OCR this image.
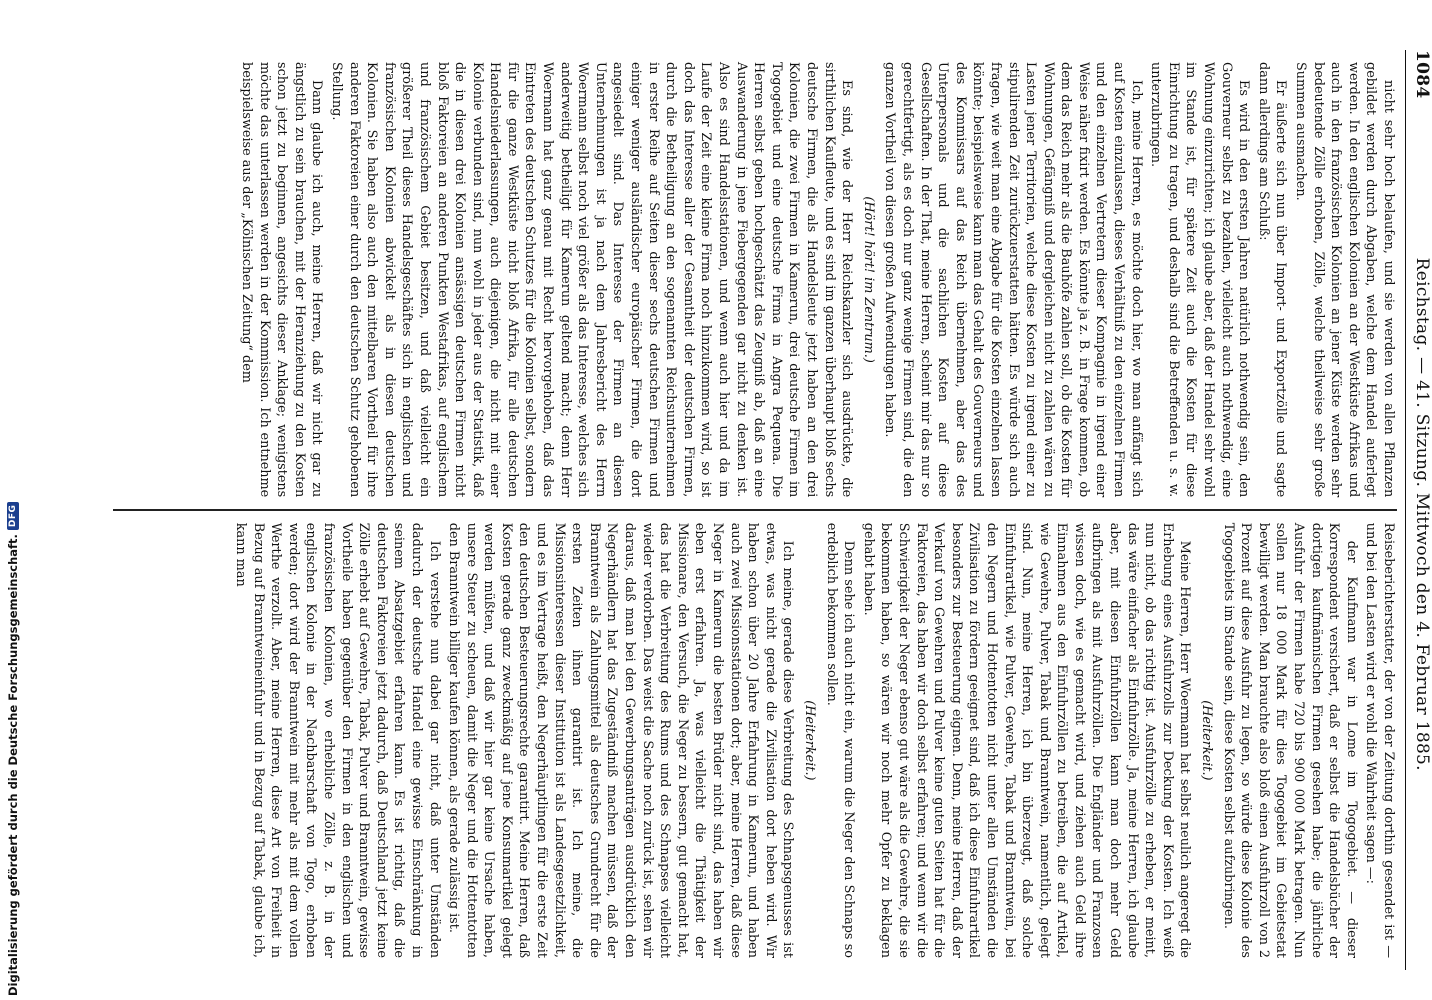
1084
Reichstag. — 41. Sitzung. Mittwoch den 4. Februar 1885.

nicht sehr hoch belaufen, und sie werden von allen Pflanzen gebildet werden durch Abgaben, welche dem Handel auferlegt werden. In den englischen Kolonien an der Westküste Afrikas und auch in den französischen Kolonien an jener Küste werden sehr bedeutende Zölle erhoben, Zölle, welche theilweise sehr große Summen ausmachen.

Er äußerte sich nun über Import- und Exportzölle und sagte dann allerdings am Schluß:

Es wird in den ersten Jahren natürlich nothwendig sein, den Gouverneur selbst zu bezahlen, vielleicht auch nothwendig, eine Wohnung einzurichten; ich glaube aber, daß der Handel sehr wohl im Stande ist, für spätere Zeit auch die Kosten für diese Einrichtung zu tragen, und deshalb sind die Betreffenden u. s. w. unterzubringen.

Ich, meine Herren, es möchte doch hier, wo man anfängt sich auf Kosten einzulassen, dieses Verhältniß zu den einzelnen Firmen und den einzelnen Vertretern dieser Kompagnie in irgend einer Weise näher fixirt werden. Es könnte ja z. B. in Frage kommen, ob dem das Reich mehr als die Bauhöfe zahlen soll, ob die Kosten für Wohnungen, Gefängniß und dergleichen nicht zu zahlen wären zu Lasten jener Territorien, welche diese Kosten zu irgend einer zu stipulirenden Zeit zurückzuerstatten hätten. Es würde sich auch fragen, wie weit man eine Abgabe für die Kosten einzelnen lassen könnte; beispielsweise kann man das Gehalt des Gouverneurs und des Kommissars auf das Reich übernehmen, aber das des Unterpersonals und die sachlichen Kosten auf diese Gesellschaften. In der That, meine Herren, scheint mir das nur so gerechtfertigt, als es doch nur ganz wenige Firmen sind, die den ganzen Vortheil von diesen großen Aufwendungen haben.

(Hört! hört! im Zentrum.)

Es sind, wie der Herr Reichskanzler sich ausdrückte, die sirthlichen Kaufleute, und es sind im ganzen überhaupt bloß sechs deutsche Firmen, die als Handelsleute jetzt haben an den drei Kolonien, die zwei Firmen in Kamerun, drei deutsche Firmen im Togogebiet und eine deutsche Firma in Angra Pequena. Die Herren selbst geben hochgeschätzt das Zeugniß ab, daß an eine Auswanderung in jene Fiebergegenden gar nicht zu denken ist. Also es sind Handelsstationen, und wenn auch hier und da im Laufe der Zeit eine kleine Firma noch hinzukommen wird, so ist doch das Interesse aller der Gesamtheit der deutschen Firmen, durch die Betheiligung an den sogenannten Reichsunternehmen in erster Reihe auf Seiten dieser sechs deutschen Firmen und einiger weniger ausländischer europäischer Firmen, die dort angesiedelt sind. Das Interesse der Firmen an diesen Unternehmungen ist ja nach dem Jahresbericht des Herrn Woermann selbst noch viel größer als das Interesse, welches sich anderweitig betheiligt für Kamerun geltend macht; denn Herr Woermann hat ganz genau mit Recht hervorgehoben, daß das Eintreten des deutschen Schutzes für die Kolonien selbst, sondern für die ganze Westküste nicht bloß Afrika, für alle deutschen Handelsniederlassungen, auch diejenigen, die nicht mit einer Kolonie verbunden sind, nun wohl in jeder aus der Statistik, daß die in diesen drei Kolonien ansässigen deutschen Firmen nicht bloß Faktoreien an anderen Punkten Westafrikas, auf englischem und französischem Gebiet besitzen, und daß vielleicht ein größerer Theil dieses Handelsgeschäftes sich in englischen und französischen Kolonien abwickelt als in diesen deutschen Kolonien. Sie haben also auch den mittelbaren Vortheil für ihre anderen Faktoreien einer durch den deutschen Schutz gehobenen Stellung.

Dann glaube ich auch, meine Herren, daß wir nicht gar zu ängstlich zu sein brauchen, mit der Heranziehung zu den Kosten schon jetzt zu beginnen, angesichts dieser Anklage; wenigstens möchte das unterlassen werden in der Kommission. Ich entnehme beispielsweise aus der „Kölnischen Zeitung“ dem

Reiseberichterstatter, der von der Zeitung dorthin gesendet ist — und bei den Lasten wird er wohl die Wahrheit sagen —:

der Kaufmann war in Lome im Togogebiet. — dieser Korrespondent versichert, daß er selbst die Handelsbücher der dortigen kaufmännischen Firmen gesehen habe; die jährliche Ausfuhr der Firmen habe 720 bis 900 000 Mark betragen. Nun sollen nur 18 000 Mark für dies Togogebiet im Gebietsetat bewilligt werden. Man brauchte also bloß einen Ausfuhrzoll von 2 Prozent auf diese Ausfuhr zu legen, so würde diese Kolonie des Togogebiets im Stande sein, diese Kosten selbst aufzubringen.

(Heiterkeit.)

Meine Herren, Herr Woermann hat selbst neulich angeregt die Erhebung eines Ausfuhrzolls zur Deckung der Kosten. Ich weiß nun nicht, ob das richtig ist. Ausfuhrzölle zu erheben, er meint, das wäre einfacher als Einfuhrzölle. Ja, meine Herren, ich glaube aber, mit diesen Einfuhrzöllen kann man doch mehr Geld aufbringen als mit Ausfuhrzöllen. Die Engländer und Franzosen wissen doch, wie es gemacht wird, und ziehen auch Geld ihre Einnahmen aus den Einfuhrzöllen zu betreiben, die auf Artikel, wie Gewehre, Pulver, Tabak und Branntwein, namentlich, gelegt sind. Nun, meine Herren, ich bin überzeugt, daß solche Einfuhrartikel, wie Pulver, Gewehre, Tabak und Branntwein, bei den Negern und Hottentotten nicht unter allen Umständen die Zivilisation zu fördern geeignet sind, daß ich diese Einfuhrartikel besonders zur Besteuerung eignen. Denn, meine Herren, daß der Verkauf von Gewehren und Pulver keine guten Seiten hat für die Faktoreien, das haben wir doch selbst erfahren; und wenn wir die Schwierigkeit der Neger ebenso gut wäre als die Gewehre, die sie bekommen haben, so wären wir noch mehr Opfer zu beklagen gehabt haben.

Denn sehe ich auch nicht ein, warum die Neger den Schnaps so erdeblich bekommen sollen.

(Heiterkeit.)

Ich meine, gerade diese Verbreitung des Schnapsgenusses ist etwas, was nicht gerade die Zivilisation dort heben wird. Wir haben schon über 20 Jahre Erfahrung in Kamerun, und haben auch zwei Missionsstationen dort; aber, meine Herren, daß diese Neger in Kamerun die besten Brüder nicht sind, das haben wir eben erst erfahren. Ja, was vielleicht die Thätigkeit der Missionare, den Versuch, die Neger zu bessern, gut gemacht hat, das hat die Verbreitung des Rums und des Schnapses vielleicht wieder verdorben. Das weist die Sache noch zurück ist, sehen wir daraus, daß man bei den Gewerbungsanträgen ausdrücklich den Negerhändlern hat das Zugeständniß machen müssen, daß der Branntwein als Zahlungsmittel als deutsches Grundrecht für die ersten Zeiten ihnen garantirt ist. Ich meine, die Missionsinteressen dieser Institution ist als Landesgesetzlichkeit, und es im Vertrage heißt, den Negerhäuptlingen für die erste Zeit den deutschen Besteuerungsrechte garantirt. Meine Herren, daß Kosten gerade ganz zweckmäßig auf jene Konsumartikel gelegt werden müßten, und daß wir hier gar keine Ursache haben, unsere Steuer zu scheuen, damit die Neger und die Hottentotten den Branntwein billiger kaufen können, als gerade zulässig ist.

Ich verstehe nun dabei gar nicht, daß unter Umständen dadurch der deutsche Handel eine gewisse Einschränkung in seinem Absatzgebiet erfahren kann. Es ist richtig, daß die deutschen Faktoreien jetzt dadurch, daß Deutschland jetzt keine Zölle erhebt auf Gewehre, Tabak, Pulver und Branntwein, gewisse Vortheile haben gegenüber den Firmen in den englischen und französischen Kolonien, wo erhebliche Zölle, z. B. in der englischen Kolonie in der Nachbarschaft von Togo, erhoben werden; dort wird der Branntwein mit mehr als mit dem vollen Werthe verzollt. Aber, meine Herren, diese Art von Freiheit in Bezug auf Branntweineinfuhr und in Bezug auf Tabak, glaube ich, kann man

Digitalisierung gefördert durch die Deutsche Forschungsgemeinschaft.
DFG
